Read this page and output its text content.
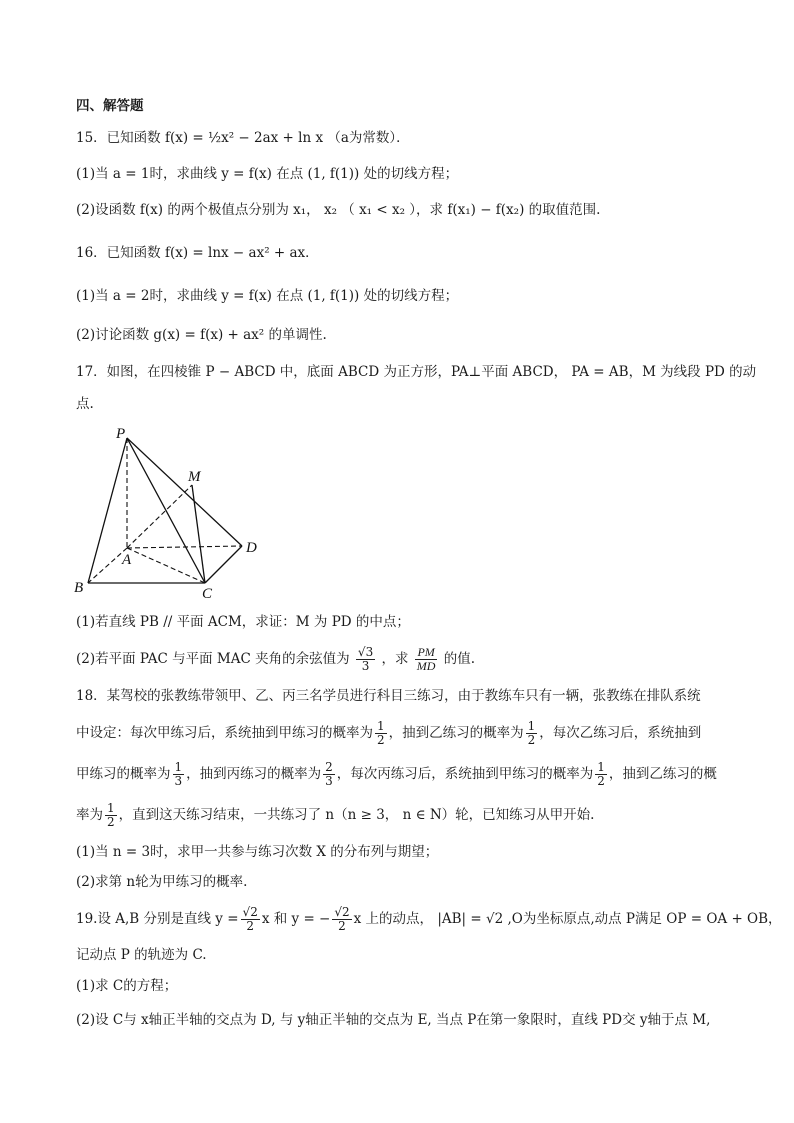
四、解答题
15．已知函数 f(x) = ½x² − 2ax + ln x （a为常数）．
(1)当 a = 1时，求曲线 y = f(x) 在点 (1, f(1)) 处的切线方程；
(2)设函数 f(x) 的两个极值点分别为 x₁， x₂ （ x₁ < x₂ ），求 f(x₁) − f(x₂) 的取值范围.
16．已知函数 f(x) = lnx − ax² + ax．
(1)当 a = 2时，求曲线 y = f(x) 在点 (1, f(1)) 处的切线方程；
(2)讨论函数 g(x) = f(x) + ax² 的单调性.
17．如图，在四棱锥 P − ABCD 中，底面 ABCD 为正方形，PA⊥平面 ABCD， PA = AB，M 为线段 PD 的动
点.
P
M
D
A
B	C
(1)若直线 PB // 平面 ACM，求证：M 为 PD 的中点；
(2)若平面 PAC 与平面 MAC 夹角的余弦值为 $\frac{√3}{3}$ ，求 $\frac{PM}{MD}$ 的值.
18．某驾校的张教练带领甲、乙、丙三名学员进行科目三练习，由于教练车只有一辆，张教练在排队系统
中设定：每次甲练习后，系统抽到甲练习的概率为 $\frac{1}{2}$ ，抽到乙练习的概率为 $\frac{1}{2}$ ，每次乙练习后，系统抽到
甲练习的概率为 $\frac{1}{3}$ ，抽到丙练习的概率为 $\frac{2}{3}$ ，每次丙练习后，系统抽到甲练习的概率为 $\frac{1}{2}$ ，抽到乙练习的概
率为 $\frac{1}{2}$ ，直到这天练习结束，一共练习了 n（n ≥ 3， n ∈ N）轮，已知练习从甲开始.
(1)当 n = 3时，求甲一共参与练习次数 X 的分布列与期望；
(2)求第 n轮为甲练习的概率.
19.设 A,B 分别是直线 $y = \frac{√2}{2}$ x 和 y = − $\frac{√2}{2}$ x 上的动点， |AB| = √2 ,O为坐标原点,动点 P满足 OP = OA + OB，
记动点 P 的轨迹为 C.
(1)求 C的方程；
(2)设 C与 x轴正半轴的交点为 D, 与 y轴正半轴的交点为 E, 当点 P在第一象限时，直线 PD交 y轴于点 M,
